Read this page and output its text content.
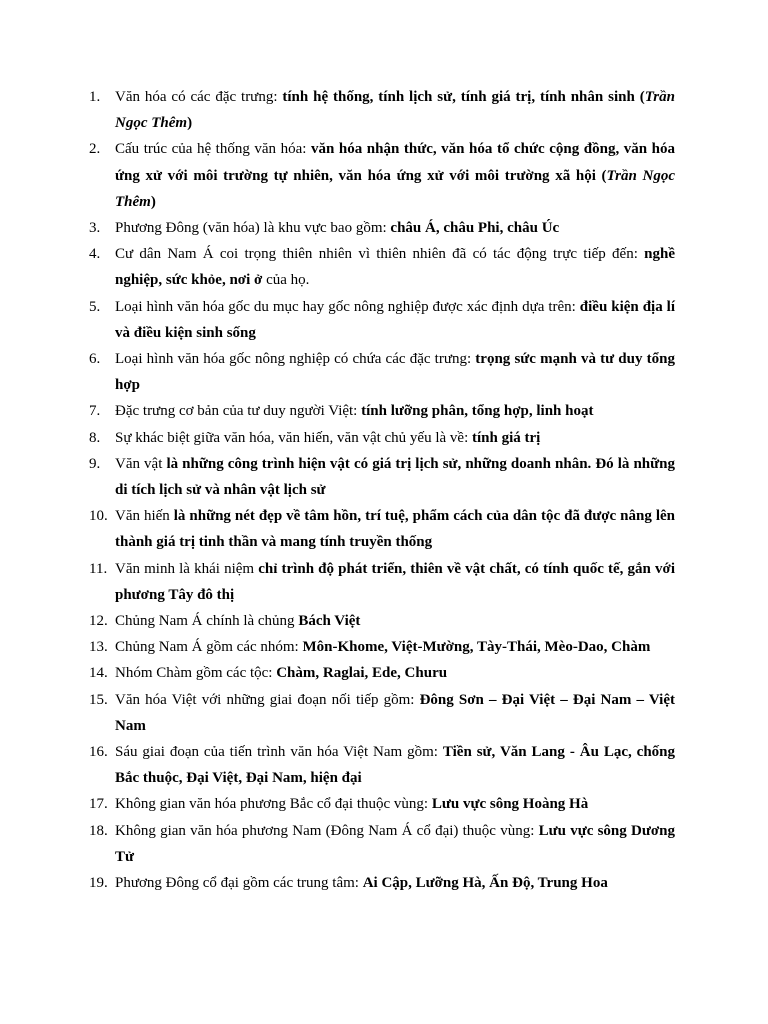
1. Văn hóa có các đặc trưng: tính hệ thống, tính lịch sử, tính giá trị, tính nhân sinh (Trần Ngọc Thêm)
2. Cấu trúc của hệ thống văn hóa: văn hóa nhận thức, văn hóa tổ chức cộng đồng, văn hóa ứng xử với môi trường tự nhiên, văn hóa ứng xử với môi trường xã hội (Trần Ngọc Thêm)
3. Phương Đông (văn hóa) là khu vực bao gồm: châu Á, châu Phi, châu Úc
4. Cư dân Nam Á coi trọng thiên nhiên vì thiên nhiên đã có tác động trực tiếp đến: nghề nghiệp, sức khỏe, nơi ở của họ.
5. Loại hình văn hóa gốc du mục hay gốc nông nghiệp được xác định dựa trên: điều kiện địa lí và điều kiện sinh sống
6. Loại hình văn hóa gốc nông nghiệp có chứa các đặc trưng: trọng sức mạnh và tư duy tổng hợp
7. Đặc trưng cơ bản của tư duy người Việt: tính lưỡng phân, tổng hợp, linh hoạt
8. Sự khác biệt giữa văn hóa, văn hiến, văn vật chủ yếu là về: tính giá trị
9. Văn vật là những công trình hiện vật có giá trị lịch sử, những doanh nhân. Đó là những di tích lịch sử và nhân vật lịch sử
10. Văn hiến là những nét đẹp về tâm hồn, trí tuệ, phẩm cách của dân tộc đã được nâng lên thành giá trị tinh thần và mang tính truyền thống
11. Văn minh là khái niệm chỉ trình độ phát triển, thiên về vật chất, có tính quốc tế, gắn với phương Tây đô thị
12. Chủng Nam Á chính là chủng Bách Việt
13. Chủng Nam Á gồm các nhóm: Môn-Khome, Việt-Mường, Tày-Thái, Mèo-Dao, Chàm
14. Nhóm Chàm gồm các tộc: Chàm, Raglai, Ede, Churu
15. Văn hóa Việt với những giai đoạn nối tiếp gồm: Đông Sơn – Đại Việt – Đại Nam – Việt Nam
16. Sáu giai đoạn của tiến trình văn hóa Việt Nam gồm: Tiền sử, Văn Lang - Âu Lạc, chống Bắc thuộc, Đại Việt, Đại Nam, hiện đại
17. Không gian văn hóa phương Bắc cổ đại thuộc vùng: Lưu vực sông Hoàng Hà
18. Không gian văn hóa phương Nam (Đông Nam Á cổ đại) thuộc vùng: Lưu vực sông Dương Tử
19. Phương Đông cổ đại gồm các trung tâm: Ai Cập, Lưỡng Hà, Ấn Độ, Trung Hoa
